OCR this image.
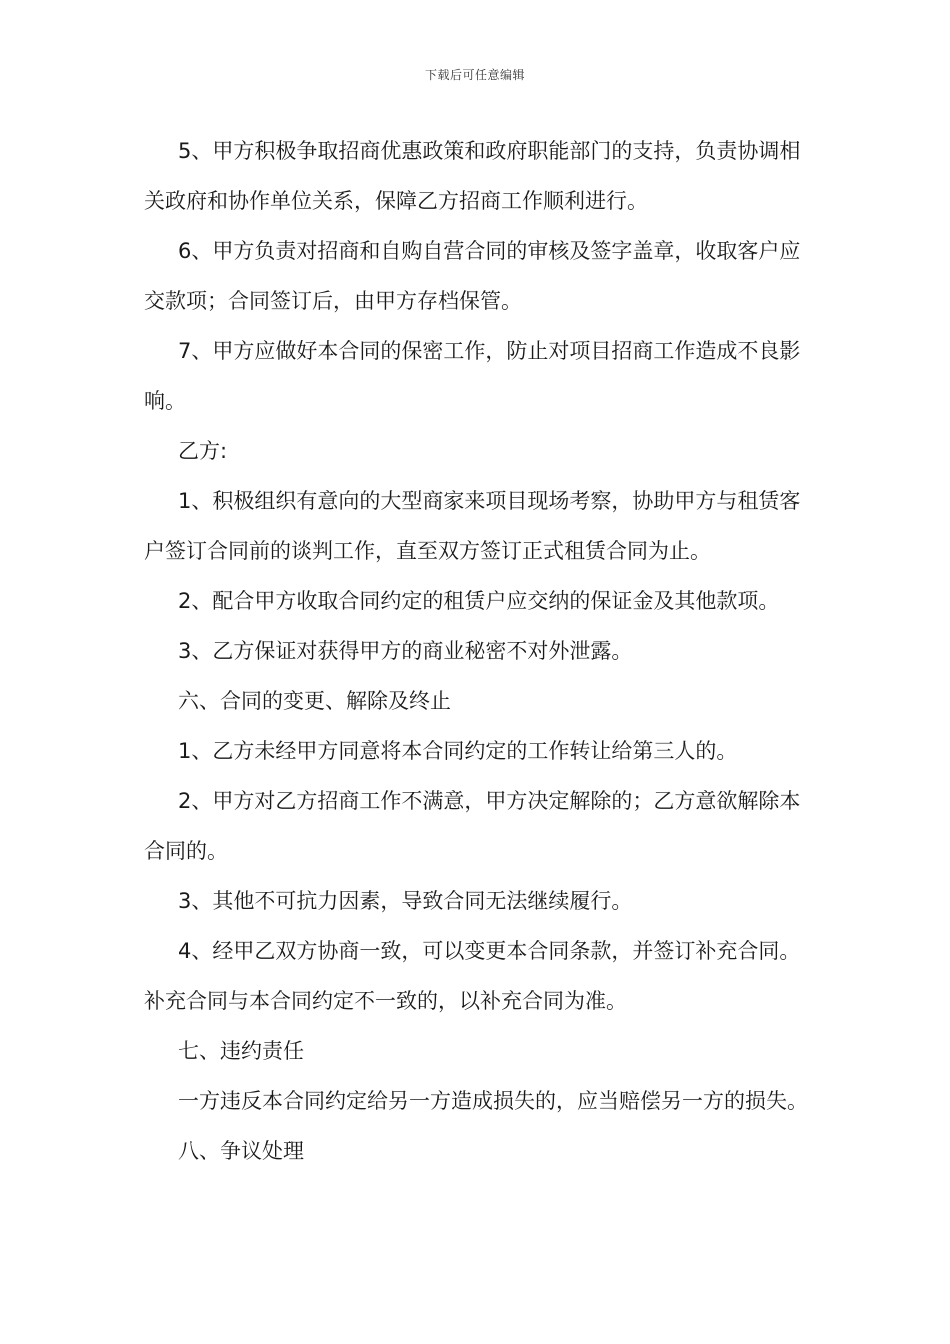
下载后可任意编辑

5、甲方积极争取招商优惠政策和政府职能部门的支持，负责协调相关政府和协作单位关系，保障乙方招商工作顺利进行。

6、甲方负责对招商和自购自营合同的审核及签字盖章，收取客户应交款项；合同签订后，由甲方存档保管。

7、甲方应做好本合同的保密工作，防止对项目招商工作造成不良影响。

乙方:

1、积极组织有意向的大型商家来项目现场考察，协助甲方与租赁客户签订合同前的谈判工作，直至双方签订正式租赁合同为止。

2、配合甲方收取合同约定的租赁户应交纳的保证金及其他款项。

3、乙方保证对获得甲方的商业秘密不对外泄露。

六、合同的变更、解除及终止

1、乙方未经甲方同意将本合同约定的工作转让给第三人的。

2、甲方对乙方招商工作不满意，甲方决定解除的；乙方意欲解除本合同的。

3、其他不可抗力因素，导致合同无法继续履行。

4、经甲乙双方协商一致，可以变更本合同条款，并签订补充合同。补充合同与本合同约定不一致的，以补充合同为准。

七、违约责任

一方违反本合同约定给另一方造成损失的，应当赔偿另一方的损失。

八、争议处理
